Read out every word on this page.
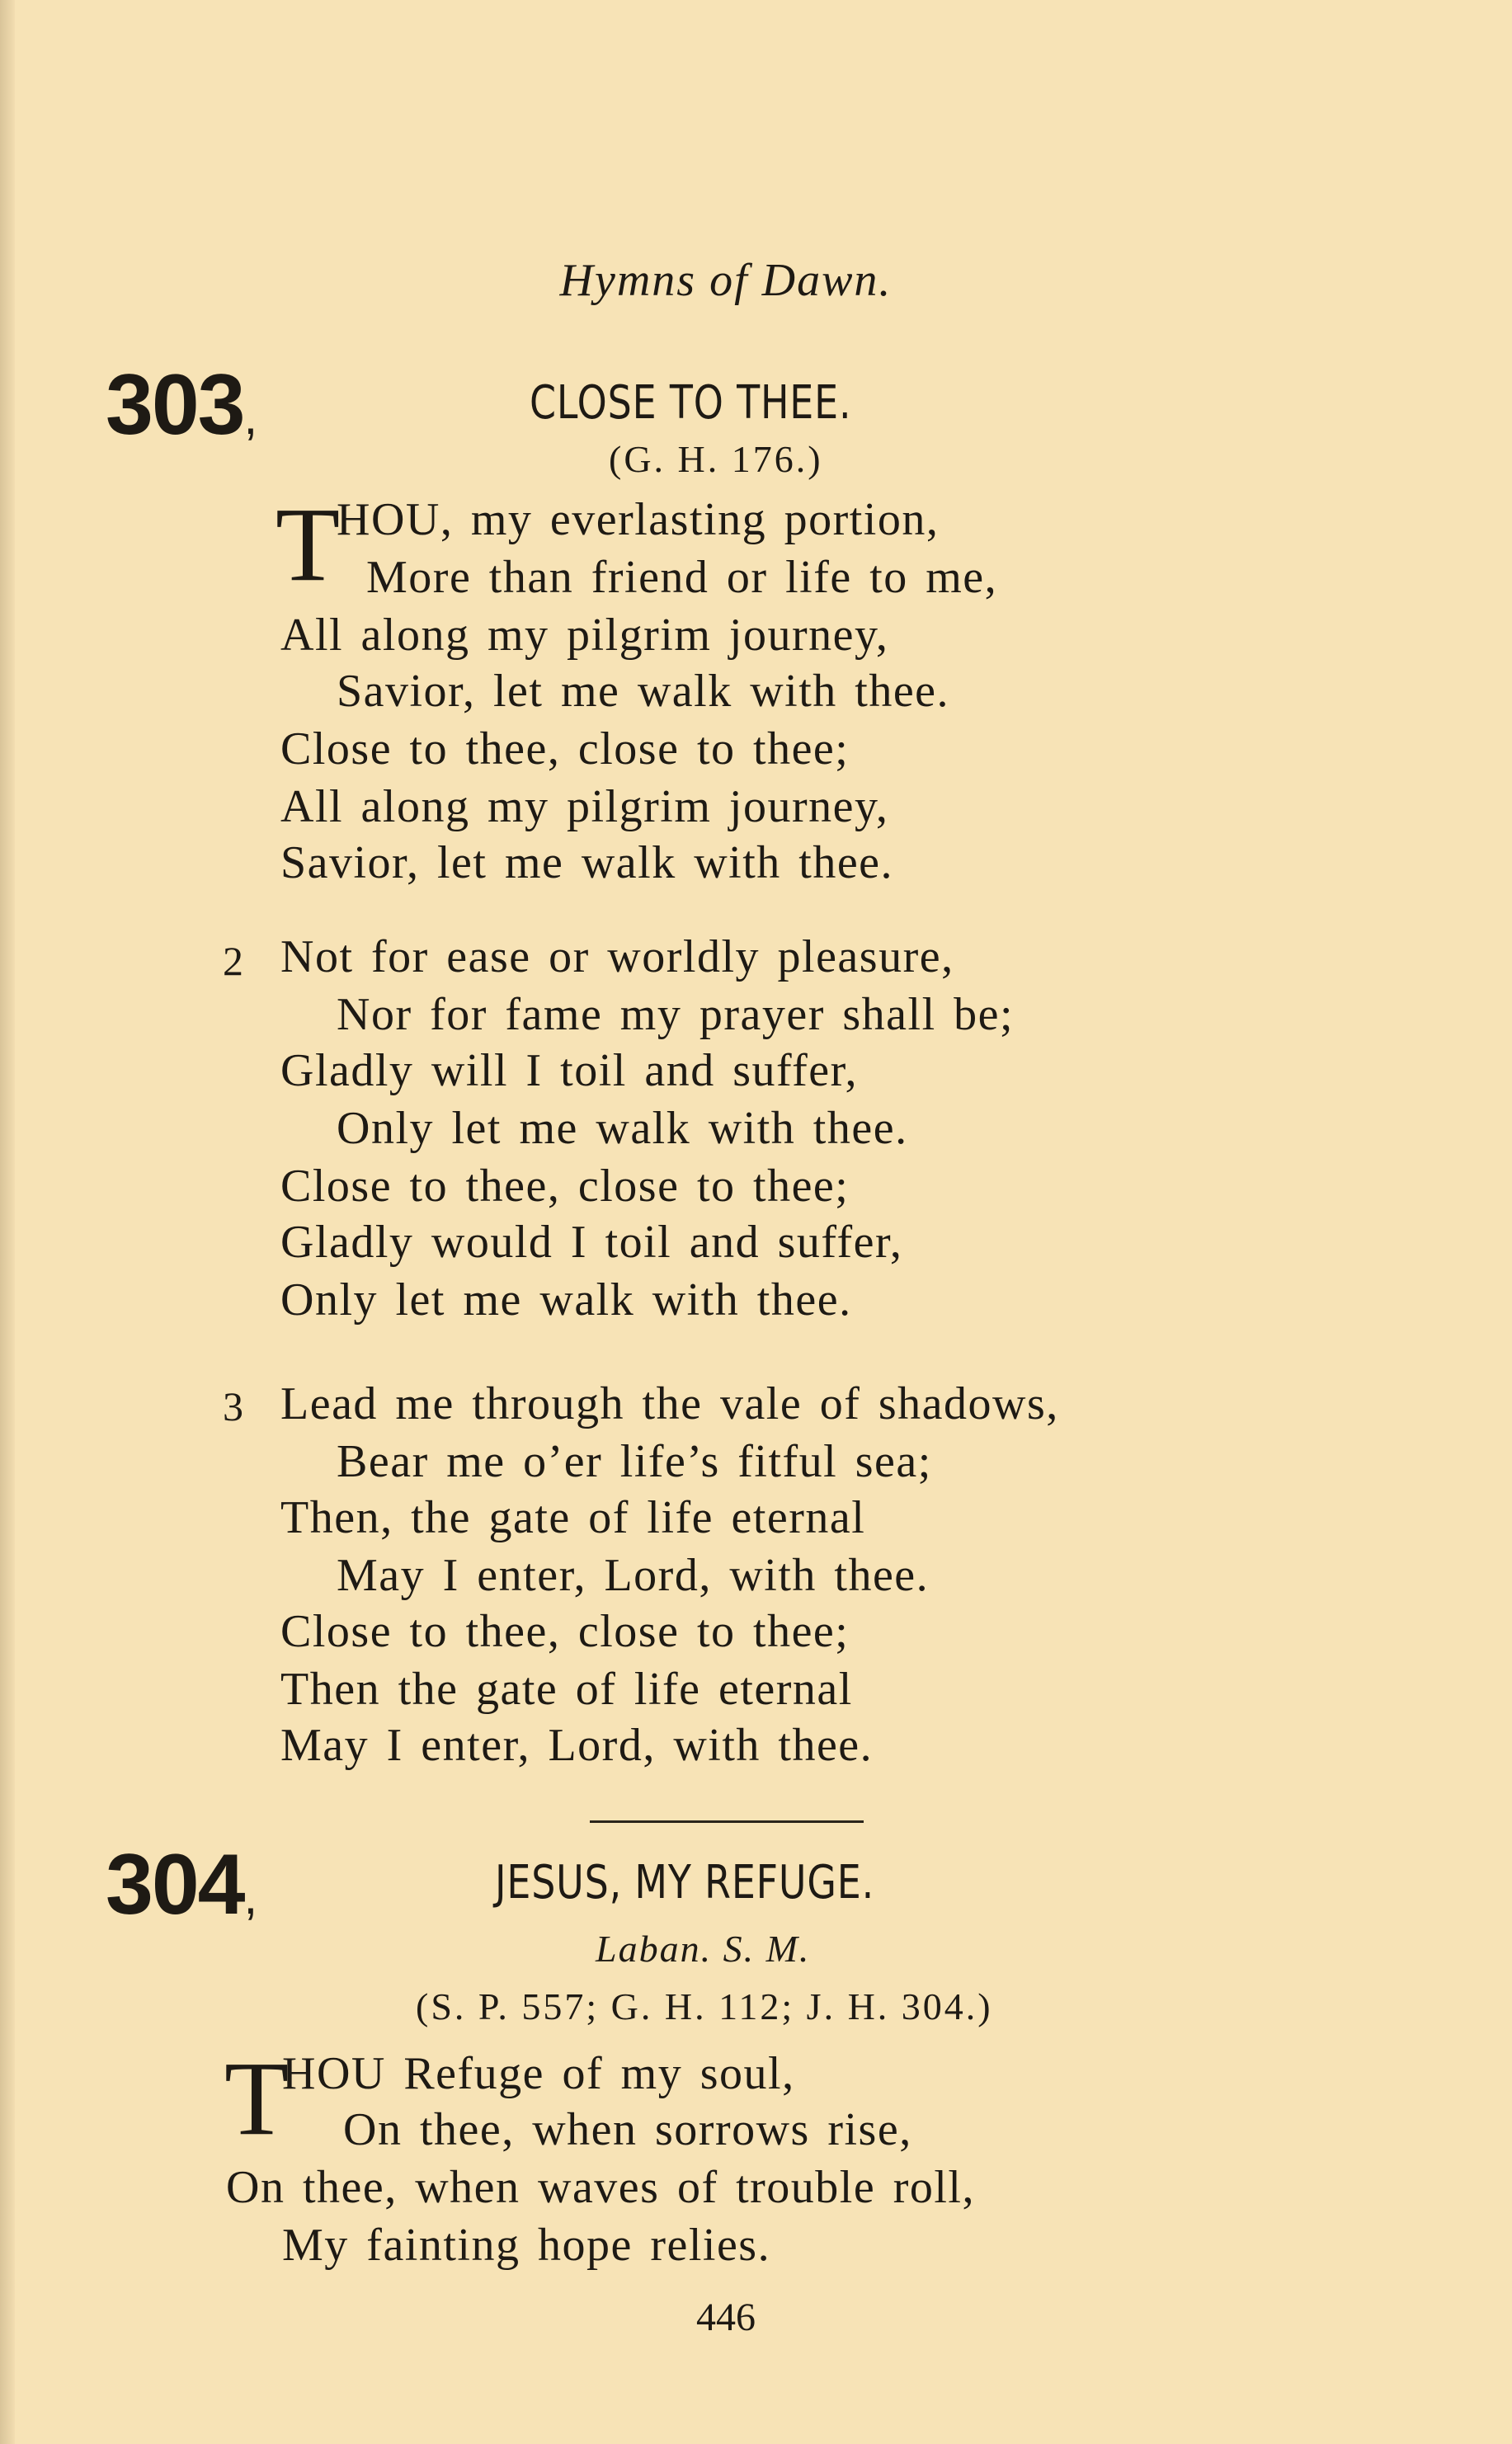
Hymns of Dawn.
303,	CLOSE TO THEE.
(G. H. 176.)
T
HOU, my everlasting portion,
More than friend or life to me,
All along my pilgrim journey,
Savior, let me walk with thee.
Close to thee, close to thee;
All along my pilgrim journey,
Savior, let me walk with thee.
2 Not for ease or worldly pleasure,
Nor for fame my prayer shall be;
Gladly will I toil and suffer,
Only let me walk with thee.
Close to thee, close to thee;
Gladly would I toil and suffer,
Only let me walk with thee.
3 Lead me through the vale of shadows,
Bear me o’er life’s fitful sea;
Then, the gate of life eternal
May I enter, Lord, with thee.
Close to thee, close to thee;
Then the gate of life eternal
May I enter, Lord, with thee.
304,	JESUS, MY REFUGE.
Laban. S. M.
(S. P. 557; G. H. 112; J. H. 304.)
T
HOU Refuge of my soul,
On thee, when sorrows rise,
On thee, when waves of trouble roll,
My fainting hope relies.
446
